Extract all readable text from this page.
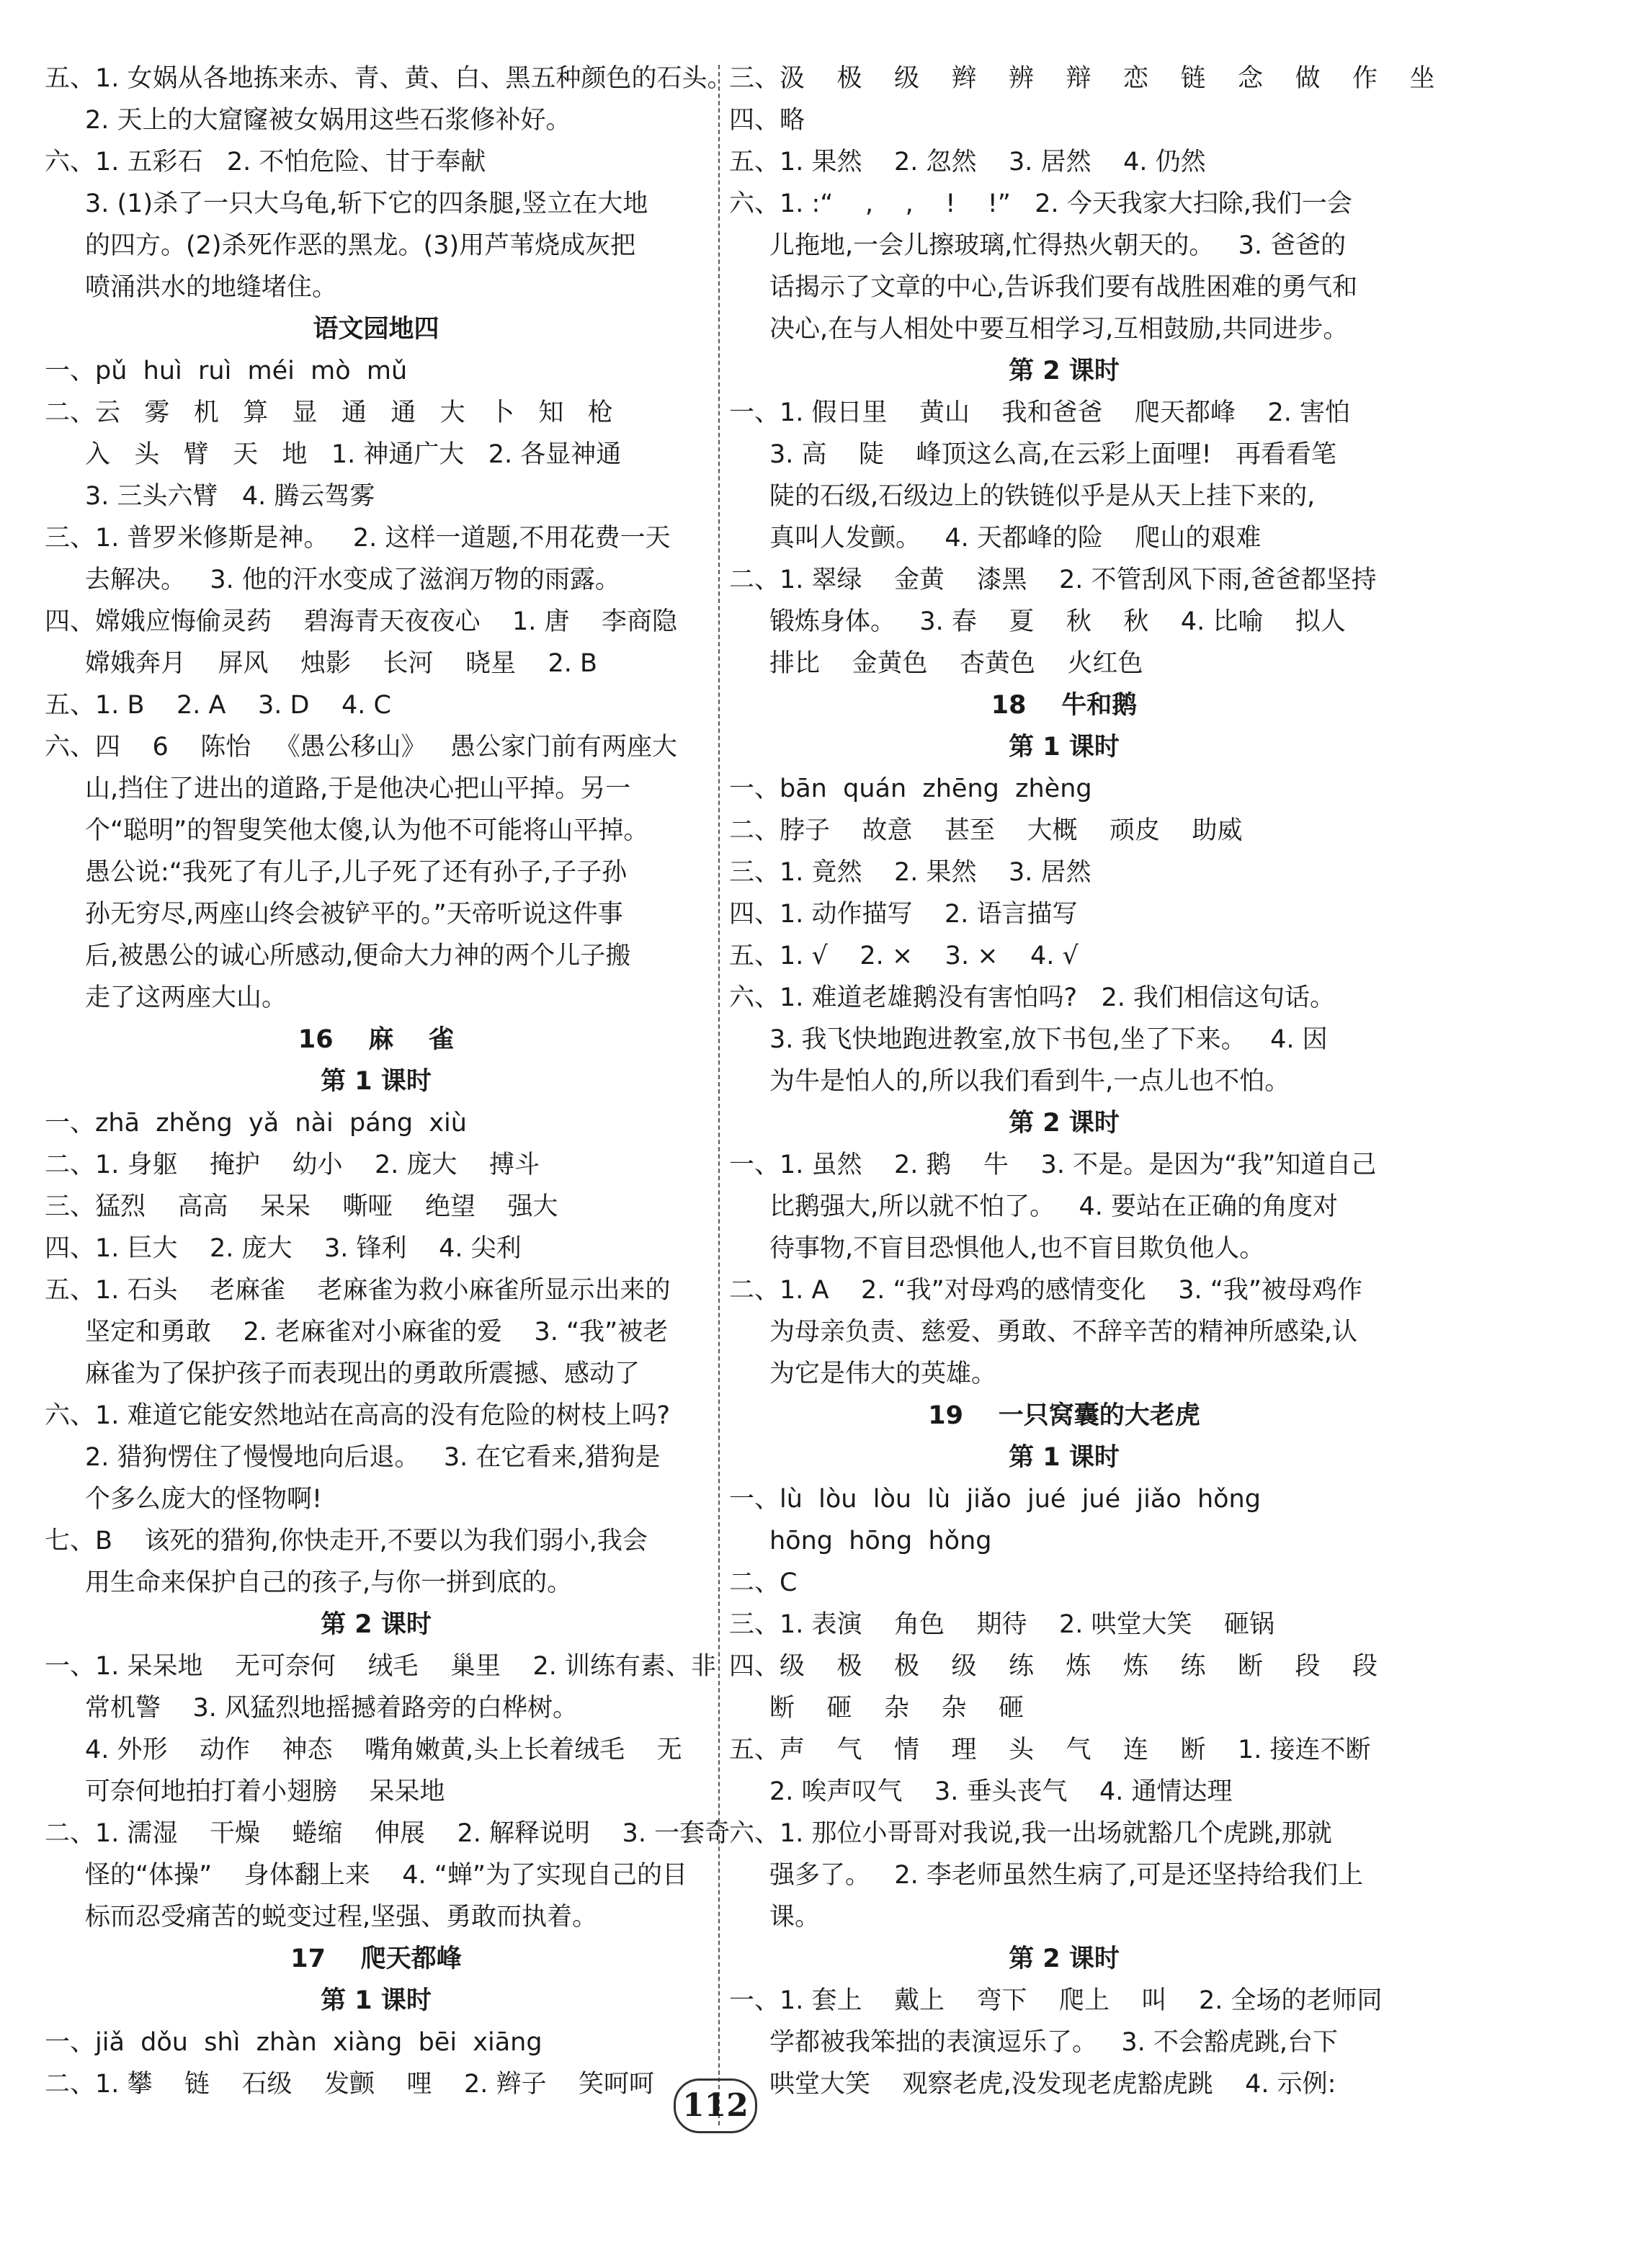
五、1. 女娲从各地拣来赤、青、黄、白、黑五种颜色的石头。
2. 天上的大窟窿被女娲用这些石浆修补好。
六、1. 五彩石   2. 不怕危险、甘于奉献
3. (1)杀了一只大乌龟,斩下它的四条腿,竖立在大地
的四方。(2)杀死作恶的黑龙。(3)用芦苇烧成灰把
喷涌洪水的地缝堵住。
语文园地四
一、pǔ  huì  ruì  méi  mò  mǔ
二、云   雾   机   算   显   通   通   大   卜   知   枪
入   头   臂   天   地   1. 神通广大   2. 各显神通
3. 三头六臂   4. 腾云驾雾
三、1. 普罗米修斯是神。   2. 这样一道题,不用花费一天
去解决。   3. 他的汗水变成了滋润万物的雨露。
四、嫦娥应悔偷灵药    碧海青天夜夜心    1. 唐    李商隐
嫦娥奔月    屏风    烛影    长河    晓星    2. B
五、1. B    2. A    3. D    4. C
六、四    6    陈怡   《愚公移山》   愚公家门前有两座大
山,挡住了进出的道路,于是他决心把山平掉。另一
个“聪明”的智叟笑他太傻,认为他不可能将山平掉。
愚公说:“我死了有儿子,儿子死了还有孙子,子子孙
孙无穷尽,两座山终会被铲平的。”天帝听说这件事
后,被愚公的诚心所感动,便命大力神的两个儿子搬
走了这两座大山。
16    麻    雀
第 1 课时
一、zhā  zhěng  yǎ  nài  páng  xiù
二、1. 身躯    掩护    幼小    2. 庞大    搏斗
三、猛烈    高高    呆呆    嘶哑    绝望    强大
四、1. 巨大    2. 庞大    3. 锋利    4. 尖利
五、1. 石头    老麻雀    老麻雀为救小麻雀所显示出来的
坚定和勇敢    2. 老麻雀对小麻雀的爱    3. “我”被老
麻雀为了保护孩子而表现出的勇敢所震撼、感动了
六、1. 难道它能安然地站在高高的没有危险的树枝上吗?
2. 猎狗愣住了慢慢地向后退。   3. 在它看来,猎狗是
个多么庞大的怪物啊!
七、B    该死的猎狗,你快走开,不要以为我们弱小,我会
用生命来保护自己的孩子,与你一拼到底的。
第 2 课时
一、1. 呆呆地    无可奈何    绒毛    巢里    2. 训练有素、非
常机警    3. 风猛烈地摇撼着路旁的白桦树。
4. 外形    动作    神态    嘴角嫩黄,头上长着绒毛    无
可奈何地拍打着小翅膀    呆呆地
二、1. 濡湿    干燥    蜷缩    伸展    2. 解释说明    3. 一套奇
怪的“体操”    身体翻上来    4. “蝉”为了实现自己的目
标而忍受痛苦的蜕变过程,坚强、勇敢而执着。
17    爬天都峰
第 1 课时
一、jiǎ  dǒu  shì  zhàn  xiàng  bēi  xiāng
二、1. 攀    链    石级    发颤    哩    2. 辫子    笑呵呵
三、汲    极    级    辫    辨    辩    恋    链    念    做    作    坐
四、略
五、1. 果然    2. 忽然    3. 居然    4. 仍然
六、1. :“    ,    ,    !    !”   2. 今天我家大扫除,我们一会
儿拖地,一会儿擦玻璃,忙得热火朝天的。   3. 爸爸的
话揭示了文章的中心,告诉我们要有战胜困难的勇气和
决心,在与人相处中要互相学习,互相鼓励,共同进步。
第 2 课时
一、1. 假日里    黄山    我和爸爸    爬天都峰    2. 害怕
3. 高    陡    峰顶这么高,在云彩上面哩!   再看看笔
陡的石级,石级边上的铁链似乎是从天上挂下来的,
真叫人发颤。   4. 天都峰的险    爬山的艰难
二、1. 翠绿    金黄    漆黑    2. 不管刮风下雨,爸爸都坚持
锻炼身体。   3. 春    夏    秋    秋    4. 比喻    拟人
排比    金黄色    杏黄色    火红色
18    牛和鹅
第 1 课时
一、bān  quán  zhēng  zhèng
二、脖子    故意    甚至    大概    顽皮    助威
三、1. 竟然    2. 果然    3. 居然
四、1. 动作描写    2. 语言描写
五、1. √    2. ×    3. ×    4. √
六、1. 难道老雄鹅没有害怕吗?   2. 我们相信这句话。
3. 我飞快地跑进教室,放下书包,坐了下来。   4. 因
为牛是怕人的,所以我们看到牛,一点儿也不怕。
第 2 课时
一、1. 虽然    2. 鹅    牛    3. 不是。是因为“我”知道自己
比鹅强大,所以就不怕了。   4. 要站在正确的角度对
待事物,不盲目恐惧他人,也不盲目欺负他人。
二、1. A    2. “我”对母鸡的感情变化    3. “我”被母鸡作
为母亲负责、慈爱、勇敢、不辞辛苦的精神所感染,认
为它是伟大的英雄。
19    一只窝囊的大老虎
第 1 课时
一、lù  lòu  lòu  lù  jiǎo  jué  jué  jiǎo  hǒng
hōng  hōng  hǒng
二、C
三、1. 表演    角色    期待    2. 哄堂大笑    砸锅
四、级    极    极    级    练    炼    炼    练    断    段    段
断    砸    杂    杂    砸
五、声    气    情    理    头    气    连    断    1. 接连不断
2. 唉声叹气    3. 垂头丧气    4. 通情达理
六、1. 那位小哥哥对我说,我一出场就豁几个虎跳,那就
强多了。   2. 李老师虽然生病了,可是还坚持给我们上
课。
第 2 课时
一、1. 套上    戴上    弯下    爬上    叫    2. 全场的老师同
学都被我笨拙的表演逗乐了。   3. 不会豁虎跳,台下
哄堂大笑    观察老虎,没发现老虎豁虎跳    4. 示例:
112
